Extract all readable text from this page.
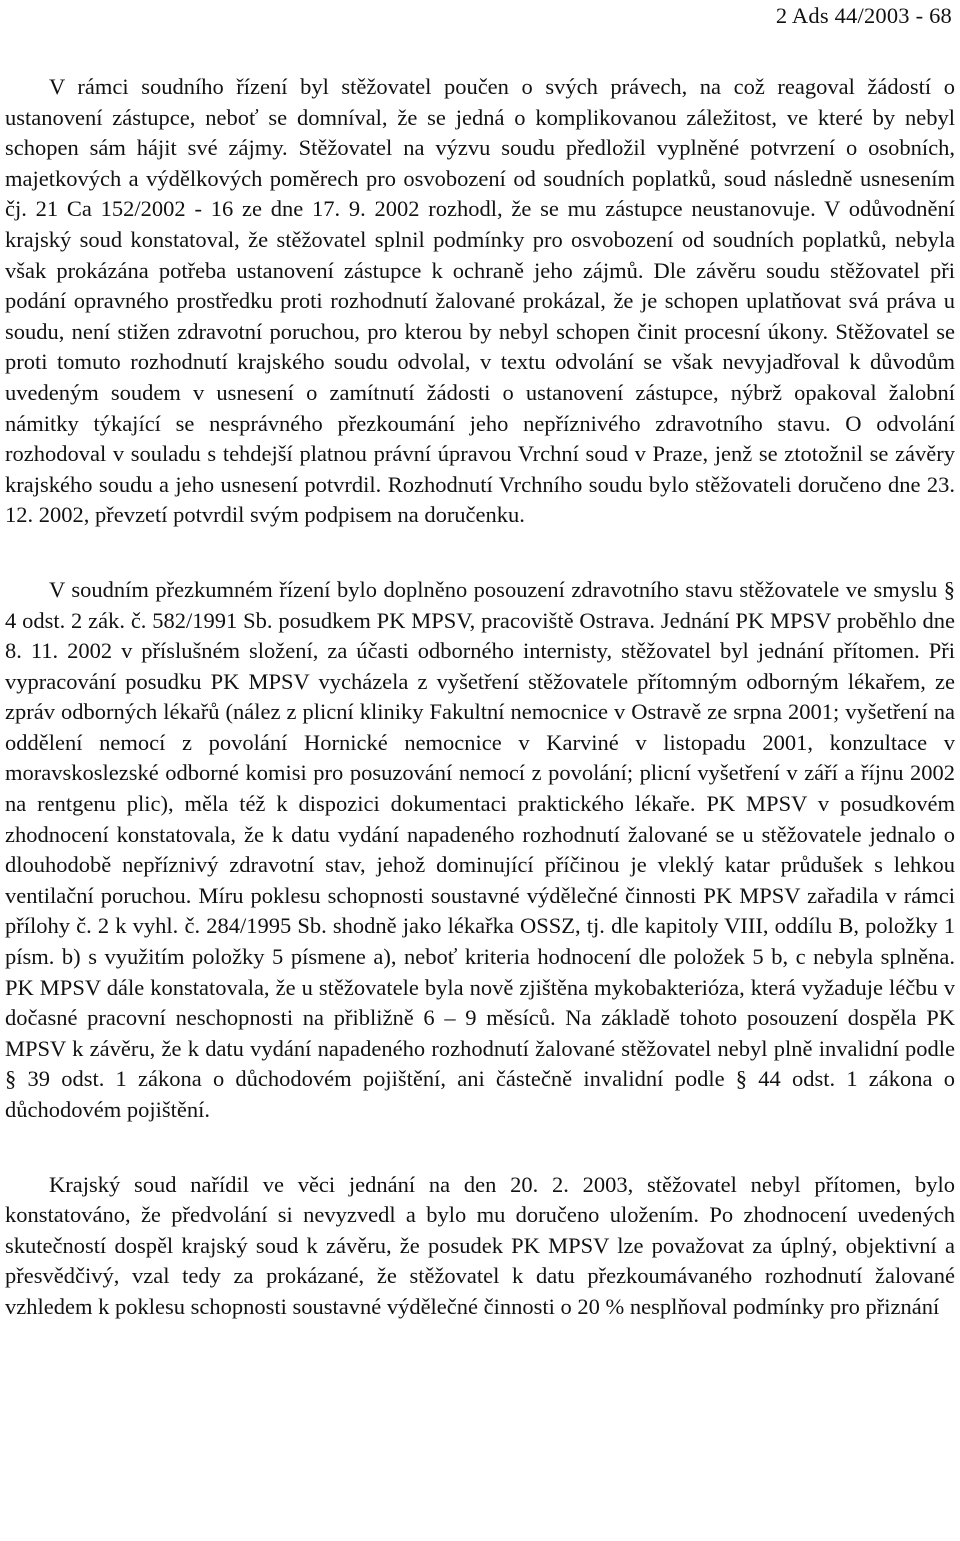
2 Ads 44/2003 - 68

V rámci soudního řízení byl stěžovatel poučen o svých právech, na což reagoval žádostí o ustanovení zástupce, neboť se domníval, že se jedná o komplikovanou záležitost, ve které by nebyl schopen sám hájit své zájmy. Stěžovatel na výzvu soudu předložil vyplněné potvrzení o osobních, majetkových a výdělkových poměrech pro osvobození od soudních poplatků, soud následně usnesením čj. 21 Ca 152/2002 - 16 ze dne 17. 9. 2002 rozhodl, že se mu zástupce neustanovuje. V odůvodnění krajský soud konstatoval, že stěžovatel splnil podmínky pro osvobození od soudních poplatků, nebyla však prokázána potřeba ustanovení zástupce k ochraně jeho zájmů. Dle závěru soudu stěžovatel při podání opravného prostředku proti rozhodnutí žalované prokázal, že je schopen uplatňovat svá práva u soudu, není stižen zdravotní poruchou, pro kterou by nebyl schopen činit procesní úkony. Stěžovatel se proti tomuto rozhodnutí krajského soudu odvolal, v textu odvolání se však nevyjadřoval k důvodům uvedeným soudem v usnesení o zamítnutí žádosti o ustanovení zástupce, nýbrž opakoval žalobní námitky týkající se nesprávného přezkoumání jeho nepříznivého zdravotního stavu. O odvolání rozhodoval v souladu s tehdejší platnou právní úpravou Vrchní soud v Praze, jenž se ztotožnil se závěry krajského soudu a jeho usnesení potvrdil. Rozhodnutí Vrchního soudu bylo stěžovateli doručeno dne 23. 12. 2002, převzetí potvrdil svým podpisem na doručenku.

V soudním přezkumném řízení bylo doplněno posouzení zdravotního stavu stěžovatele ve smyslu § 4 odst. 2 zák. č. 582/1991 Sb. posudkem PK MPSV, pracoviště Ostrava. Jednání PK MPSV proběhlo dne 8. 11. 2002 v příslušném složení, za účasti odborného internisty, stěžovatel byl jednání přítomen. Při vypracování posudku PK MPSV vycházela z vyšetření stěžovatele přítomným odborným lékařem, ze zpráv odborných lékařů (nález z plicní kliniky Fakultní nemocnice v Ostravě ze srpna 2001; vyšetření na oddělení nemocí z povolání Hornické nemocnice v Karviné v listopadu 2001, konzultace v moravskoslezské odborné komisi pro posuzování nemocí z povolání; plicní vyšetření v září a říjnu 2002 na rentgenu plic), měla též k dispozici dokumentaci praktického lékaře. PK MPSV v posudkovém zhodnocení konstatovala, že k datu vydání napadeného rozhodnutí žalované se u stěžovatele jednalo o dlouhodobě nepříznivý zdravotní stav, jehož dominující příčinou je vleklý katar průdušek s lehkou ventilační poruchou. Míru poklesu schopnosti soustavné výdělečné činnosti PK MPSV zařadila v rámci přílohy č. 2 k vyhl. č. 284/1995 Sb. shodně jako lékařka OSSZ, tj. dle kapitoly VIII, oddílu B, položky 1 písm. b) s využitím položky 5 písmene a), neboť kriteria hodnocení dle položek 5 b, c nebyla splněna. PK MPSV dále konstatovala, že u stěžovatele byla nově zjištěna mykobakterióza, která vyžaduje léčbu v dočasné pracovní neschopnosti na přibližně 6 – 9 měsíců. Na základě tohoto posouzení dospěla PK MPSV k závěru, že k datu vydání napadeného rozhodnutí žalované stěžovatel nebyl plně invalidní podle § 39 odst. 1 zákona o důchodovém pojištění, ani částečně invalidní podle § 44 odst. 1 zákona o důchodovém pojištění.

Krajský soud nařídil ve věci jednání na den 20. 2. 2003, stěžovatel nebyl přítomen, bylo konstatováno, že předvolání si nevyzvedl a bylo mu doručeno uložením. Po zhodnocení uvedených skutečností dospěl krajský soud k závěru, že posudek PK MPSV lze považovat za úplný, objektivní a přesvědčivý, vzal tedy za prokázané, že stěžovatel k datu přezkoumávaného rozhodnutí žalované vzhledem k poklesu schopnosti soustavné výdělečné činnosti o 20 % nesplňoval podmínky pro přiznání
